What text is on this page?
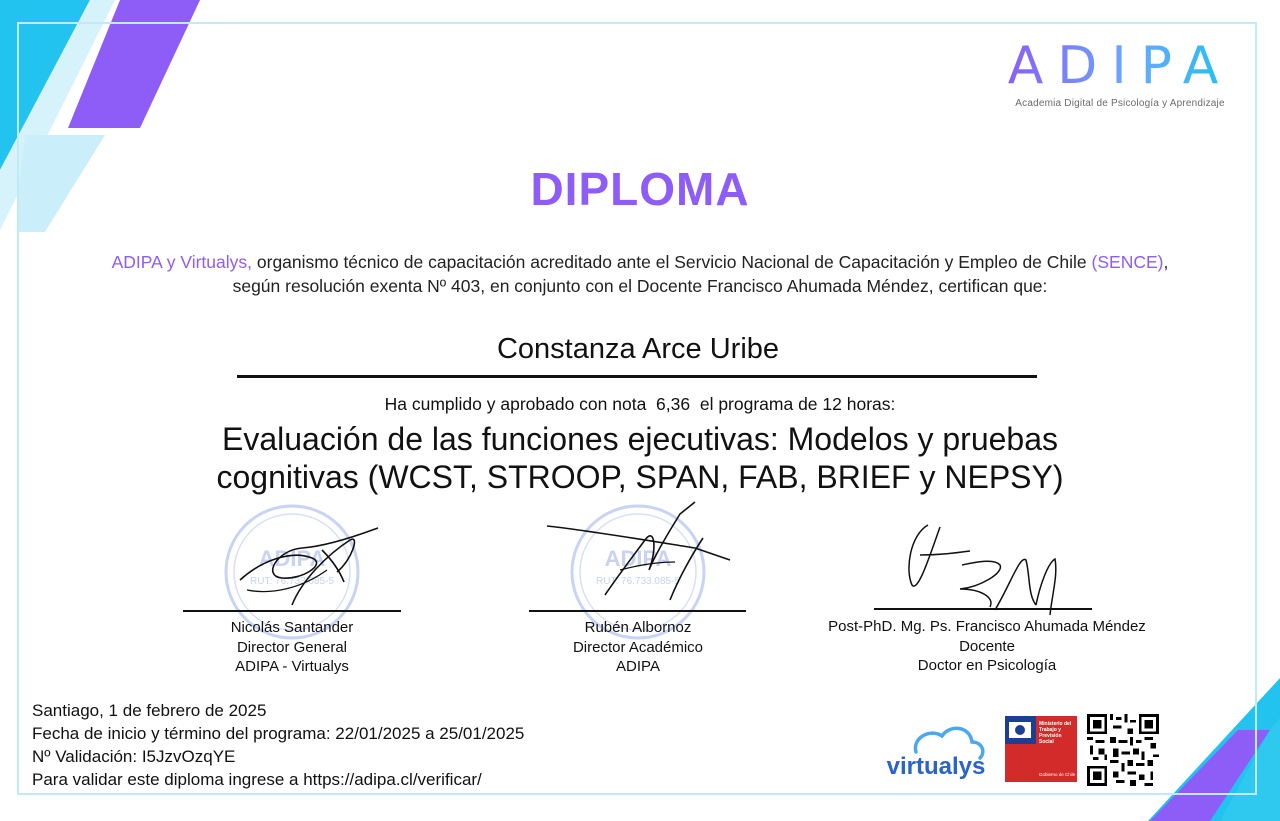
ADIPA
Academia Digital de Psicología y Aprendizaje
DIPLOMA
ADIPA y Virtualys, organismo técnico de capacitación acreditado ante el Servicio Nacional de Capacitación y Empleo de Chile (SENCE), según resolución exenta Nº 403, en conjunto con el Docente Francisco Ahumada Méndez, certifican que:
Constanza Arce Uribe
Ha cumplido y aprobado con nota  6,36  el programa de 12 horas:
Evaluación de las funciones ejecutivas: Modelos y pruebas
cognitivas (WCST, STROOP, SPAN, FAB, BRIEF y NEPSY)
ADIPA
RUT: 76.733.085-5
ADIPA
RUT: 76.733.085-5
Nicolás Santander
Director General
ADIPA - Virtualys
Rubén Albornoz
Director Académico
ADIPA
Post-PhD. Mg. Ps. Francisco Ahumada Méndez
Docente
Doctor en Psicología
Santiago, 1 de febrero de 2025
Fecha de inicio y término del programa: 22/01/2025 a 25/01/2025
Nº Validación: I5JzvOzqYE
Para validar este diploma ingrese a https://adipa.cl/verificar/	virtualys
Ministerio del
Trabajo y
Previsión
Social
Gobierno de Chile
